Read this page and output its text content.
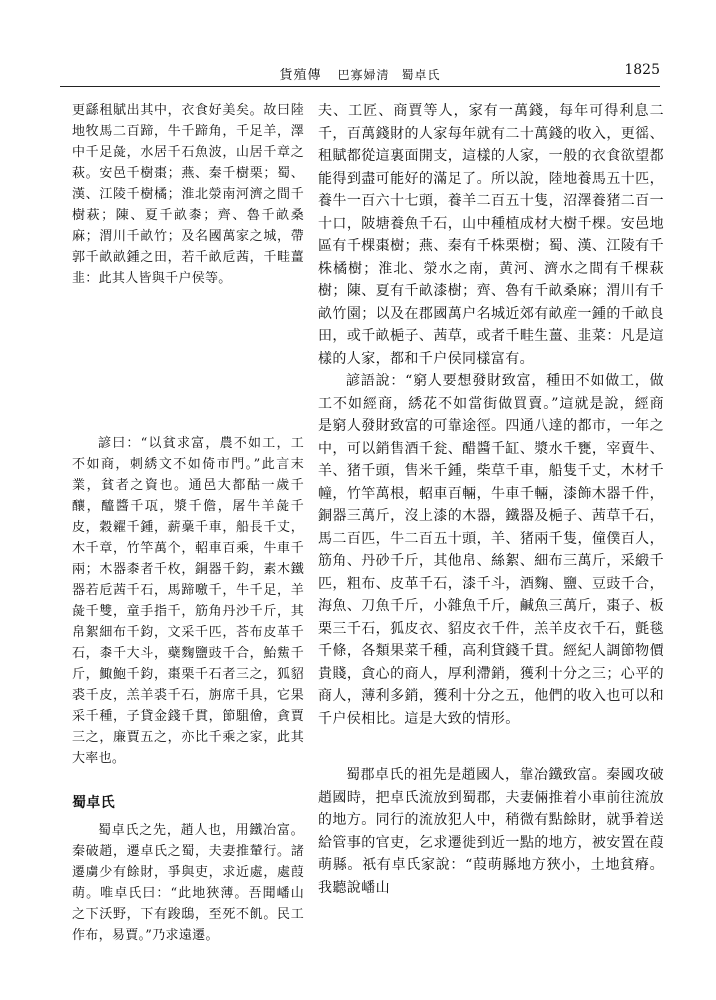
貨殖傳 巴寡婦清 蜀卓氏	1825

更繇租賦出其中，衣食好美矣。故曰陸地牧馬二百蹄，牛千蹄角，千足羊，澤中千足彘，水居千石魚波，山居千章之萩。安邑千樹棗；燕、秦千樹栗；蜀、漢、江陵千樹橘；淮北滎南河濟之間千樹萩；陳、夏千畝桼；齊、魯千畝桑麻；渭川千畝竹；及名國萬家之城，帶郭千畝畝鍾之田，若千畝卮茜，千畦薑韭：此其人皆與千户侯等。

諺曰：“以貧求富，農不如工，工不如商，刺綉文不如倚市門。”此言末業，貧者之資也。通邑大都酤一歲千釀，醯醬千瓨，漿千儋，屠牛羊彘千皮，穀糴千鍾，薪稾千車，船長千丈，木千章，竹竿萬个，軺車百乘，牛車千兩；木器桼者千枚，銅器千鈞，素木鐵器若卮茜千石，馬蹄噭千，牛千足，羊彘千雙，童手指千，筋角丹沙千斤，其帛絮細布千鈞，文采千匹，荅布皮革千石，桼千大斗，蘗麴鹽豉千合，鮐鮆千斤，鯫鮑千鈞，棗栗千石者三之，狐貂裘千皮，羔羊裘千石，旃席千具，它果采千種，子貸金錢千貫，節駔儈，貪賈三之，廉賈五之，亦比千乘之家，此其大率也。

蜀卓氏

蜀卓氏之先，趙人也，用鐵冶富。秦破趙，遷卓氏之蜀，夫妻推輦行。諸遷虜少有餘財，爭與吏，求近處，處葭萌。唯卓氏曰：“此地狹薄。吾聞嶓山之下沃野，下有踆鴟，至死不飢。民工作布，易賈。”乃求遠遷。

夫、工匠、商賈等人，家有一萬錢，每年可得利息二千，百萬錢財的人家每年就有二十萬錢的收入，更徭、租賦都從這裏面開支，這樣的人家，一般的衣食欲望都能得到盡可能好的滿足了。所以說，陸地養馬五十匹，養牛一百六十七頭，養羊二百五十隻，沼澤養猪二百一十口，陂塘養魚千石，山中種植成材大樹千棵。安邑地區有千棵棗樹；燕、秦有千株栗樹；蜀、漢、江陵有千株橘樹；淮北、滎水之南，黄河、濟水之間有千棵萩樹；陳、夏有千畝漆樹；齊、魯有千畝桑麻；渭川有千畝竹園；以及在郡國萬户名城近郊有畝産一鍾的千畝良田，或千畝梔子、茜草，或者千畦生薑、韭菜：凡是這樣的人家，都和千户侯同樣富有。

諺語說：“窮人要想發財致富，種田不如做工，做工不如經商，綉花不如當街做買賣。”這就是說，經商是窮人發財致富的可靠途徑。四通八達的都市，一年之中，可以銷售酒千瓮、醋醬千缸、漿水千甕，宰賣牛、羊、猪千頭，售米千鍾，柴草千車，船隻千丈，木材千幢，竹竿萬根，軺車百輛，牛車千輛，漆飾木器千件，銅器三萬斤，沒上漆的木器，鐵器及梔子、茜草千石，馬二百匹，牛二百五十頭，羊、猪兩千隻，僮僕百人，筋角、丹砂千斤，其他帛、絲絮、細布三萬斤，采緞千匹，粗布、皮革千石，漆千斗，酒麴、鹽、豆豉千合，海魚、刀魚千斤，小雜魚千斤，鹹魚三萬斤，棗子、板栗三千石，狐皮衣、貂皮衣千件，羔羊皮衣千石，氈毯千條，各類果菜千種，高利貸錢千貫。經紀人調節物價貴賤，貪心的商人，厚利滯銷，獲利十分之三；心平的商人，薄利多銷，獲利十分之五，他們的收入也可以和千户侯相比。這是大致的情形。

蜀郡卓氏的祖先是趙國人，靠冶鐵致富。秦國攻破趙國時，把卓氏流放到蜀郡，夫妻倆推着小車前往流放的地方。同行的流放犯人中，稍微有點餘財，就爭着送給管事的官吏，乞求遷徙到近一點的地方，被安置在葭萌縣。祇有卓氏家說：“葭萌縣地方狹小，土地貧瘠。我聽說嶓山
